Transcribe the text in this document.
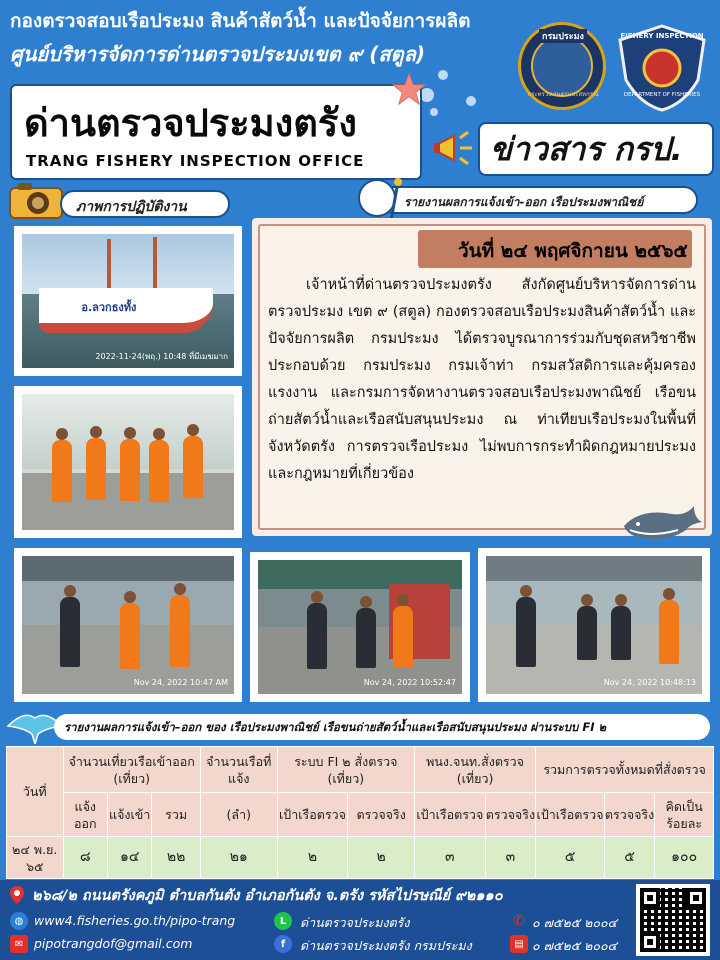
กองตรวจสอบเรือประมง สินค้าสัตว์น้ำ และปัจจัยการผลิต
ศูนย์บริหารจัดการด่านตรวจประมงเขต ๙ (สตูล)
ด่านตรวจประมงตรัง
TRANG FISHERY INSPECTION OFFICE
กรมประมง
กระทรวงเกษตรและสหกรณ์
FISHERY INSPECTION
DEPARTMENT OF FISHERIES
ข่าวสาร กรป.
ภาพการปฏิบัติงาน	รายงานผลการแจ้งเข้า-ออก เรือประมงพาณิชย์
อ.ลวกธงทั้ง
2022-11-24(พฤ.) 10:48 ที่มีเมฆมาก
Nov 24, 2022 10:47 AM	Nov 24, 2022 10:52:47	Nov 24, 2022 10:48:13
วันที่ ๒๔ พฤศจิกายน ๒๕๖๕
เจ้าหน้าที่ด่านตรวจประมงตรัง สังกัดศูนย์บริหารจัดการด่านตรวจประมง เขต ๙ (สตูล) กองตรวจสอบเรือประมงสินค้าสัตว์น้ำ และปัจจัยการผลิต กรมประมง ได้ตรวจบูรณาการร่วมกับชุดสหวิชาชีพ ประกอบด้วย กรมประมง กรมเจ้าท่า กรมสวัสดิการและคุ้มครองแรงงาน และกรมการจัดหางานตรวจสอบเรือประมงพาณิชย์ เรือขนถ่ายสัตว์น้ำและเรือสนับสนุนประมง ณ ท่าเทียบเรือประมงในพื้นที่จังหวัดตรัง การตรวจเรือประมง ไม่พบการกระทำผิดกฎหมายประมงและกฎหมายที่เกี่ยวข้อง
รายงานผลการแจ้งเข้า–ออก ของ เรือประมงพาณิชย์ เรือขนถ่ายสัตว์น้ำและเรือสนับสนุนประมง ผ่านระบบ FI ๒
วันที่	จำนวนเที่ยวเรือเข้าออก (เที่ยว)			จำนวนเรือที่แจ้ง	ระบบ FI ๒ สั่งตรวจ (เที่ยว)		พนง.จนท.สั่งตรวจ (เที่ยว)		รวมการตรวจทั้งหมดที่สั่งตรวจ		
	แจ้งออก	แจ้งเข้า	รวม	(ลำ)	เป้าเรือตรวจ	ตรวจจริง	เป้าเรือตรวจ	ตรวจจริง	เป้าเรือตรวจ	ตรวจจริง	คิดเป็นร้อยละ

๒๔ พ.ย. ๖๕	๘	๑๔	๒๒	๒๑	๒	๒	๓	๓	๕	๕	๑๐๐
๒๖๘/๒ ถนนตรังคภูมิ ตำบลกันตัง อำเภอกันตัง จ.ตรัง รหัสไปรษณีย์ ๙๒๑๑๐
◍ www4.fisheries.go.th/pipo-trang
✉ pipotrangdof@gmail.com
L	ด่านตรวจประมงตรัง
f	ด่านตรวจประมงตรัง กรมประมง
✆ ๐ ๗๕๒๕ ๒๐๐๔
▤ ๐ ๗๕๒๕ ๒๐๐๔
